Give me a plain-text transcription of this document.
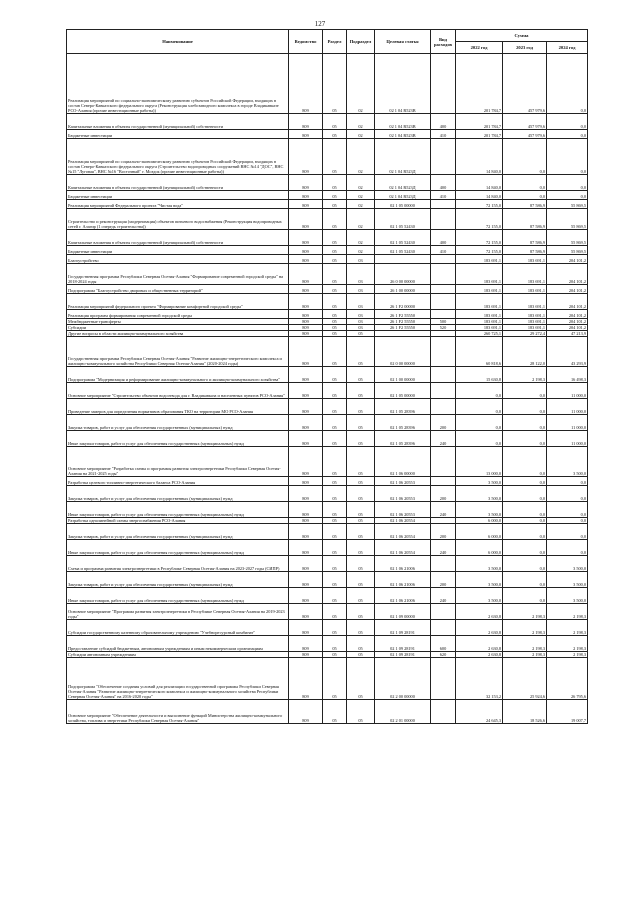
127
Наименование	Ведомство	Раздел	Подраздел	Целевая статья	Вид расходов	Сумма		
						2022 год	2023 год	2024 год
Реализация мероприятий по социально-экономическому развитию субъектов Российской Федерации, входящих в состав Северо-Кавказского федерального округа (Реконструкция хлебозаводного комплекса в городе Владикавказе РСО-Алания (прочие инвестиционные работы))	809	05	02	02 1 04 R523В		201 784,7	457 979,6	0,0
Капитальные вложения в объекты государственной (муниципальной) собственности	809	05	02	02 1 04 R523В	400	201 784,7	457 979,6	0,0
Бюджетные инвестиции	809	05	02	02 1 04 R523В	410	201 784,7	457 979,6	0,0
Реализация мероприятий по социально-экономическому развитию субъектов Российской Федерации, входящих в состав Северо-Кавказского федерального округа (Строительство водопроводных сооружений ВНС №14 "ДОС", ВНС №15 "Луговая", ВНС №16 "Восточный" г. Моздок (прочие инвестиционные работы))	809	05	02	02 1 04 R523Д		14 840,0	0,0	0,0
Капитальные вложения в объекты государственной (муниципальной) собственности	809	05	02	02 1 04 R523Д	400	14 840,0	0,0	0,0
Бюджетные инвестиции	809	05	02	02 1 04 R523Д	410	14 840,0	0,0	0,0
Реализация мероприятий Федерального проекта "Чистая вода"	809	05	02	02 1 05 00000		72 155,0	87 586,9	55 869,5
Строительство и реконструкция (модернизация) объектов питьевого водоснабжения (Реконструкция водопроводных сетей г. Алагир (1 очередь строительства))	809	05	02	02 1 05 52430		72 155,0	87 586,9	55 869,5
Капитальные вложения в объекты государственной (муниципальной) собственности	809	05	02	02 1 05 52430	400	72 155,0	87 586,9	55 869,5
Бюджетные инвестиции	809	05	02	02 1 05 52430	410	72 155,0	87 586,9	55 869,5
Благоустройство	809	05	03			183 691,1	183 691,1	204 101,2
Государственная программа Республики Северная Осетия-Алания "Формирование современной городской среды" на 2018-2024 годы	809	05	03	26 0 00 00000		183 691,1	183 691,1	204 101,2
Подпрограмма "Благоустройство дворовых и общественных территорий"	809	05	03	26 1 00 00000		183 691,1	183 691,1	204 101,2
Реализация мероприятий федерального проекта "Формирование комфортной городской среды"	809	05	03	26 1 F2 00000		183 691,1	183 691,1	204 101,2
Реализация программ формирования современной городской среды	809	05	03	26 1 F2 55550		183 691,1	183 691,1	204 101,2
Межбюджетные трансферты	809	05	03	26 1 F2 55550	500	183 691,1	183 691,1	204 101,2
Субсидии	809	05	03	26 1 F2 55550	520	183 691,1	183 691,1	204 101,2
Другие вопросы в области жилищно-коммунального хозяйства	809	05	05			260 725,1	29 272,4	47 213,9
Государственная программа Республики Северная Осетия-Алания "Развитие жилищно-энергетического комплекса и жилищно-коммунального хозяйства Республики Северная Осетия-Алания" (2020-2024 годы)	809	05	05	02 0 00 00000		60 818,6	28 122,0	43 293,9
Подпрограмма "Модернизация и реформирование жилищно-коммунального и жилищно-коммунального хозяйства"	809	05	05	02 1 00 00000		15 630,8	2 198,3	16 498,3
Основное мероприятие "Строительство объектов водоотвода для г. Владикавказа и населенных пунктов РСО-Алания"	809	05	05	02 1 05 00000		0,0	0,0	11 000,0
Проведение замеров для определения нормативов образования ТКО на территории МО РСО-Алания	809	05	05	02 1 05 28396		0,0	0,0	11 000,0
Закупка товаров, работ и услуг для обеспечения государственных (муниципальных) нужд	809	05	05	02 1 05 28396	200	0,0	0,0	11 000,0
Иные закупки товаров, работ и услуг для обеспечения государственных (муниципальных) нужд	809	05	05	02 1 05 28396	240	0,0	0,0	11 000,0
Основное мероприятие "Разработка схемы и программы развития электроэнергетики Республики Северная Осетия-Алания на 2021-2025 годы"	809	05	05	02 1 06 00000		13 000,0	0,0	3 500,0
Разработка целевого топливно-энергетического баланса РСО-Алания	809	05	05	02 1 06 20553		3 500,0	0,0	0,0
Закупка товаров, работ и услуг для обеспечения государственных (муниципальных) нужд	809	05	05	02 1 06 20553	200	3 500,0	0,0	0,0
Иные закупки товаров, работ и услуг для обеспечения государственных (муниципальных) нужд	809	05	05	02 1 06 20553	240	3 500,0	0,0	0,0
Разработка однолинейной схемы энергоснабжения РСО-Алания	809	05	05	02 1 06 20554		6 000,0	0,0	0,0
Закупка товаров, работ и услуг для обеспечения государственных (муниципальных) нужд	809	05	05	02 1 06 20554	200	6 000,0	0,0	0,0
Иные закупки товаров, работ и услуг для обеспечения государственных (муниципальных) нужд	809	05	05	02 1 06 20554	240	6 000,0	0,0	0,0
Схема и программа развития электроэнергетики в Республике Северная Осетия-Алания на 2023-2027 годы (СИПР)	809	05	05	02 1 06 21006		3 500,0	0,0	3 500,0
Закупка товаров, работ и услуг для обеспечения государственных (муниципальных) нужд	809	05	05	02 1 06 21006	200	3 500,0	0,0	3 500,0
Иные закупки товаров, работ и услуг для обеспечения государственных (муниципальных) нужд	809	05	05	02 1 06 21006	240	3 500,0	0,0	3 500,0
Основное мероприятие "Программа развития электроэнергетики в Республике Северная Осетия-Алания на 2019-2023 годы"	809	05	05	02 1 09 00000		2 630,8	2 198,3	2 198,3
Субсидии государственному казенному образовательному учреждению "Учебноресурсный комбинат"	809	05	05	02 1 09 28191		2 630,8	2 198,3	2 198,3
Предоставление субсидий бюджетным, автономным учреждениям и иным некоммерческим организациям	809	05	05	02 1 09 28191	600	2 630,8	2 198,3	2 198,3
Субсидии автономным учреждениям	809	05	05	02 1 09 28191	620	2 630,8	2 198,3	2 198,3
Подпрограмма "Обеспечение создания условий для реализации государственной программы Республики Северная Осетия-Алания "Развитие жилищно-энергетического комплекса и жилищно-коммунального хозяйства Республики Северная Осетия-Алания" на 2016-2020 годы"	809	05	05	02 2 00 00000		32 153,2	25 924,6	26 795,6
Основное мероприятие "Обеспечение деятельности и выполнение функций Министерства жилищно-коммунального хозяйства, топлива и энергетики Республики Северная Осетия-Алания"	809	05	05	02 2 01 00000		24 645,3	18 526,6	19 007,7
